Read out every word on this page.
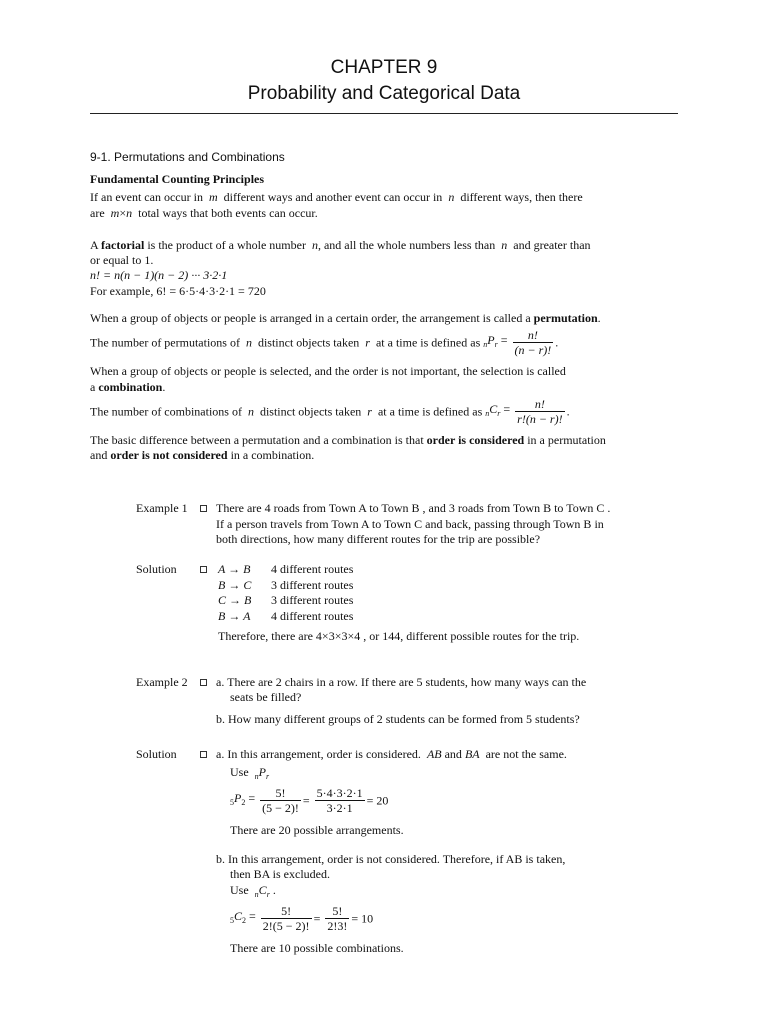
CHAPTER 9
Probability and Categorical Data
9-1. Permutations and Combinations
Fundamental Counting Principles
If an event can occur in m different ways and another event can occur in n different ways, then there
are m×n total ways that both events can occur.
A factorial is the product of a whole number n, and all the whole numbers less than n and greater than
or equal to 1.
n! = n(n − 1)(n − 2) ··· 3·2·1
For example, 6! = 6·5·4·3·2·1 = 720
When a group of objects or people is arranged in a certain order, the arrangement is called a permutation.
The number of permutations of n distinct objects taken r at a time is defined as $_nP_r = \frac{n!}{(n - r)!}$ .
When a group of objects or people is selected, and the order is not important, the selection is called
a combination.
The number of combinations of n distinct objects taken r at a time is defined as $_nC_r = \frac{n!}{r!(n - r)!}$ .
The basic difference between a permutation and a combination is that order is considered in a permutation
and order is not considered in a combination.
Example 1 There are 4 roads from Town A to Town B , and 3 roads from Town B to Town C .
If a person travels from Town A to Town C and back, passing through Town B in
both directions, how many different routes for the trip are possible?
Solution	A → B 4 different routes
B → C 3 different routes
C → B 3 different routes
B → A 4 different routes
Therefore, there are 4×3×3×4 , or 144, different possible routes for the trip.
Example 2 a. There are 2 chairs in a row. If there are 5 students, how many ways can the
seats be filled?
b. How many different groups of 2 students can be formed from 5 students?
Solution	a. In this arrangement, order is considered. AB and BA are not the same.
Use $_nP_r$
$_5P_2 = \frac{5!}{(5 - 2)!} = \frac{5\cdot 4\cdot 3\cdot 2\cdot 1}{3\cdot 2\cdot 1} = 20$
There are 20 possible arrangements.
b. In this arrangement, order is not considered. Therefore, if AB is taken,
then BA is excluded.
Use $_nC_r$ .
$_5C_2 = \frac{5!}{2!(5 - 2)!} = \frac{5!}{2!3!} = 10$
There are 10 possible combinations.
